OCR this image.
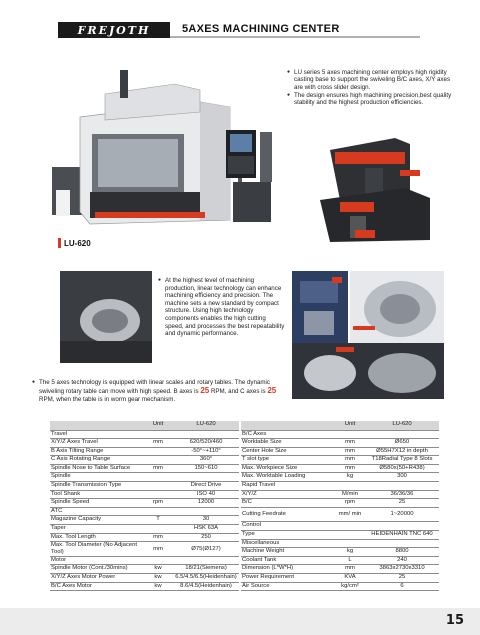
FREJOTH	5AXES MACHINING CENTER
LU-620
● LU series 5 axes machining center employs high rigidity casting base to support the swiveling B/C axes, X/Y axes are with cross slider design.
● The design ensures high machining precision,best quality stability and the highest production efficiencies.
● At the highest level of machining production, linear technology can enhance machining efficiency and precision. The machine sets a new standard by compact structure. Using high technology components enables the high cutting speed, and processes the best repeatability and dynamic performance.
● The 5 axes technology is equipped with linear scales and rotary tables. The dynamic swiveling rotary table can move with high speed. B axes is 25 RPM, and C axes is 25 RPM, when the table is in worm gear mechanism.
	Unit	LU-620
Travel		
X/Y/Z Axes Travel	mm	620/520/460
B Axis Tilting Range		-50°~+110°
C Axis Rotating Range		360°
Spindle Nose to Table Surface	mm	150~610
Spindle		
Spindle Transmission Type		Direct Drive
Tool Shank		ISO 40
Spindle Speed	rpm	12000
ATC		
Magazine Capacity	T	30
Taper		HSK 63A
Max. Tool Length	mm	250
Max. Tool Diameter (No Adjacent Tool)	mm	Ø75(Ø127)
Motor		
Spindle Motor (Cont./30mins)	kw	18/21(Siemens)
X/Y/Z Axes Motor Power	kw	6.5/4.5/6.5(Heidenhain)
B/C Axes Motor	kw	8.6/4.5(Heidenhain)
	Unit	LU-620
B/C Axes		
Worktable Size	mm	Ø650
Center Hole Size	mm	Ø55H7X12 in depth
T slot type	mm	T18Radial Type 8 Slots
Max. Workpiece Size	mm	Ø580x(50+R438)
Max. Worktable Loading	kg	300
Rapid Travel		
X/Y/Z	M/min	36/36/36
B/C	rpm	25
Cutting Feedrate	mm/ min	1~20000
Control		
Type		HEIDENHAIN TNC 640
Miscellaneous		
Machine Weight	kg	8800
Coolant Tank	L	240
Dimension (L*W*H)	mm	3863x2730x3310
Power Requirement	KVA	25
Air Source	kg/cm²	6
15
